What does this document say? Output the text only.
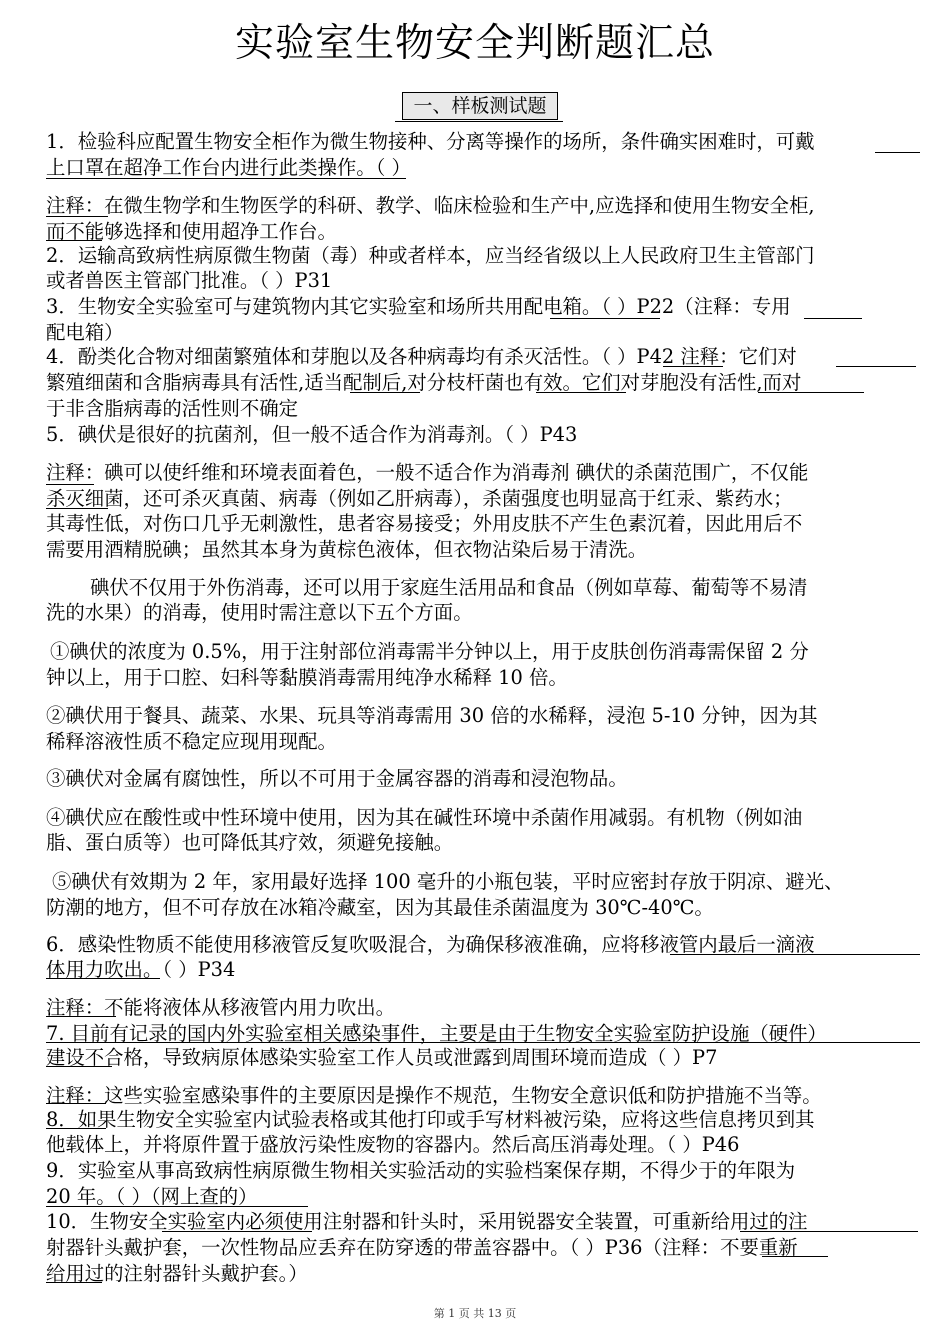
实验室生物安全判断题汇总
一、样板测试题
1．检验科应配置生物安全柜作为微生物接种、分离等操作的场所，条件确实困难时，可戴
上口罩在超净工作台内进行此类操作。（ ）
注释：在微生物学和生物医学的科研、教学、临床检验和生产中,应选择和使用生物安全柜,
而不能够选择和使用超净工作台。
2．运输高致病性病原微生物菌（毒）种或者样本，应当经省级以上人民政府卫生主管部门
或者兽医主管部门批准。（ ）P31
3．生物安全实验室可与建筑物内其它实验室和场所共用配电箱。（ ）P22（注释：专用
配电箱）
4．酚类化合物对细菌繁殖体和芽胞以及各种病毒均有杀灭活性。（ ）P42 注释：它们对
繁殖细菌和含脂病毒具有活性,适当配制后,对分枝杆菌也有效。它们对芽胞没有活性,而对
于非含脂病毒的活性则不确定
5．碘伏是很好的抗菌剂，但一般不适合作为消毒剂。（ ）P43
注释：碘可以使纤维和环境表面着色，一般不适合作为消毒剂 碘伏的杀菌范围广，不仅能
杀灭细菌，还可杀灭真菌、病毒（例如乙肝病毒），杀菌强度也明显高于红汞、紫药水；
其毒性低，对伤口几乎无刺激性，患者容易接受；外用皮肤不产生色素沉着，因此用后不
需要用酒精脱碘；虽然其本身为黄棕色液体，但衣物沾染后易于清洗。
碘伏不仅用于外伤消毒，还可以用于家庭生活用品和食品（例如草莓、葡萄等不易清
洗的水果）的消毒，使用时需注意以下五个方面。
①碘伏的浓度为 0.5%，用于注射部位消毒需半分钟以上，用于皮肤创伤消毒需保留 2 分
钟以上，用于口腔、妇科等黏膜消毒需用纯净水稀释 10 倍。
②碘伏用于餐具、蔬菜、水果、玩具等消毒需用 30 倍的水稀释，浸泡 5-10 分钟，因为其
稀释溶液性质不稳定应现用现配。
③碘伏对金属有腐蚀性，所以不可用于金属容器的消毒和浸泡物品。
④碘伏应在酸性或中性环境中使用，因为其在碱性环境中杀菌作用减弱。有机物（例如油
脂、蛋白质等）也可降低其疗效，须避免接触。
⑤碘伏有效期为 2 年，家用最好选择 100 毫升的小瓶包装，平时应密封存放于阴凉、避光、
防潮的地方，但不可存放在冰箱冷藏室，因为其最佳杀菌温度为 30℃-40℃。
6．感染性物质不能使用移液管反复吹吸混合，为确保移液准确，应将移液管内最后一滴液
体用力吹出。（ ）P34
注释：不能将液体从移液管内用力吹出。
7. 目前有记录的国内外实验室相关感染事件，主要是由于生物安全实验室防护设施（硬件）
建设不合格，导致病原体感染实验室工作人员或泄露到周围环境而造成（ ）P7
注释：这些实验室感染事件的主要原因是操作不规范，生物安全意识低和防护措施不当等。
8．如果生物安全实验室内试验表格或其他打印或手写材料被污染，应将这些信息拷贝到其
他载体上，并将原件置于盛放污染性废物的容器内。然后高压消毒处理。（ ）P46
9．实验室从事高致病性病原微生物相关实验活动的实验档案保存期，不得少于的年限为
20 年。（ ）（网上查的）
10．生物安全实验室内必须使用注射器和针头时，采用锐器安全装置，可重新给用过的注
射器针头戴护套，一次性物品应丢弃在防穿透的带盖容器中。（ ）P36（注释：不要重新
给用过的注射器针头戴护套。）
第 1 页 共 13 页
